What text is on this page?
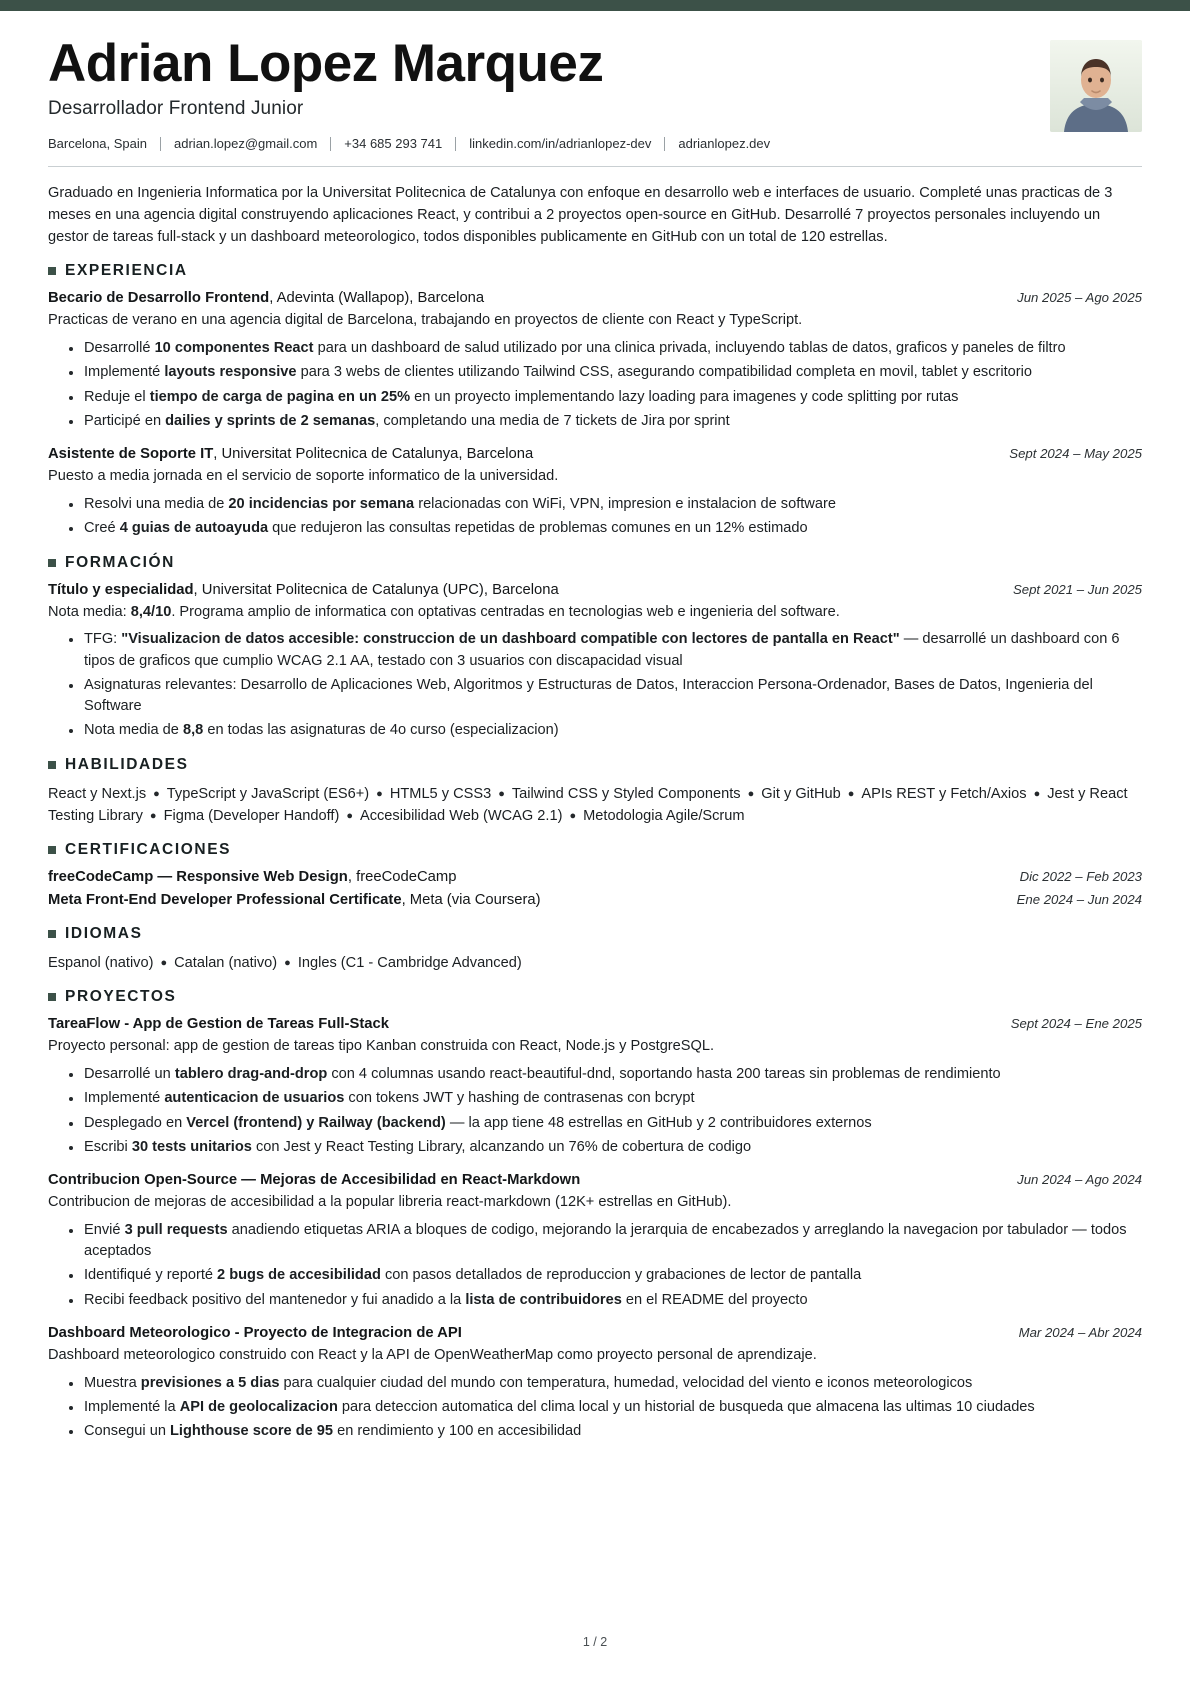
Adrian Lopez Marquez
Desarrollador Frontend Junior
Barcelona, Spain adrian.lopez@gmail.com +34 685 293 741 linkedin.com/in/adrianlopez-dev adrianlopez.dev

Graduado en Ingenieria Informatica por la Universitat Politecnica de Catalunya con enfoque en desarrollo web e interfaces de usuario. Completé unas practicas de 3 meses en una agencia digital construyendo aplicaciones React, y contribui a 2 proyectos open-source en GitHub. Desarrollé 7 proyectos personales incluyendo un gestor de tareas full-stack y un dashboard meteorologico, todos disponibles publicamente en GitHub con un total de 120 estrellas.

EXPERIENCIA
Becario de Desarrollo Frontend, Adevinta (Wallapop), Barcelona	Jun 2025 – Ago 2025
Practicas de verano en una agencia digital de Barcelona, trabajando en proyectos de cliente con React y TypeScript.
Desarrollé 10 componentes React para un dashboard de salud utilizado por una clinica privada, incluyendo tablas de datos, graficos y paneles de filtro
Implementé layouts responsive para 3 webs de clientes utilizando Tailwind CSS, asegurando compatibilidad completa en movil, tablet y escritorio
Reduje el tiempo de carga de pagina en un 25% en un proyecto implementando lazy loading para imagenes y code splitting por rutas
Participé en dailies y sprints de 2 semanas, completando una media de 7 tickets de Jira por sprint
Asistente de Soporte IT, Universitat Politecnica de Catalunya, Barcelona	Sept 2024 – May 2025
Puesto a media jornada en el servicio de soporte informatico de la universidad.
Resolvi una media de 20 incidencias por semana relacionadas con WiFi, VPN, impresion e instalacion de software
Creé 4 guias de autoayuda que redujeron las consultas repetidas de problemas comunes en un 12% estimado
FORMACIÓN
Título y especialidad, Universitat Politecnica de Catalunya (UPC), Barcelona	Sept 2021 – Jun 2025
Nota media: 8,4/10. Programa amplio de informatica con optativas centradas en tecnologias web e ingenieria del software.
TFG: "Visualizacion de datos accesible: construccion de un dashboard compatible con lectores de pantalla en React" — desarrollé un dashboard con 6 tipos de graficos que cumplio WCAG 2.1 AA, testado con 3 usuarios con discapacidad visual
Asignaturas relevantes: Desarrollo de Aplicaciones Web, Algoritmos y Estructuras de Datos, Interaccion Persona-Ordenador, Bases de Datos, Ingenieria del Software
Nota media de 8,8 en todas las asignaturas de 4o curso (especializacion)
HABILIDADES
React y Next.js ● TypeScript y JavaScript (ES6+) ● HTML5 y CSS3 ● Tailwind CSS y Styled Components ● Git y GitHub ● APIs REST y Fetch/Axios ● Jest y React Testing Library ● Figma (Developer Handoff) ● Accesibilidad Web (WCAG 2.1) ● Metodologia Agile/Scrum
CERTIFICACIONES
freeCodeCamp — Responsive Web Design, freeCodeCamp	Dic 2022 – Feb 2023
Meta Front-End Developer Professional Certificate, Meta (via Coursera)	Ene 2024 – Jun 2024
IDIOMAS
Espanol (nativo) ● Catalan (nativo) ● Ingles (C1 - Cambridge Advanced)
PROYECTOS
TareaFlow - App de Gestion de Tareas Full-Stack	Sept 2024 – Ene 2025
Proyecto personal: app de gestion de tareas tipo Kanban construida con React, Node.js y PostgreSQL.
Desarrollé un tablero drag-and-drop con 4 columnas usando react-beautiful-dnd, soportando hasta 200 tareas sin problemas de rendimiento
Implementé autenticacion de usuarios con tokens JWT y hashing de contrasenas con bcrypt
Desplegado en Vercel (frontend) y Railway (backend) — la app tiene 48 estrellas en GitHub y 2 contribuidores externos
Escribi 30 tests unitarios con Jest y React Testing Library, alcanzando un 76% de cobertura de codigo
Contribucion Open-Source — Mejoras de Accesibilidad en React-Markdown	Jun 2024 – Ago 2024
Contribucion de mejoras de accesibilidad a la popular libreria react-markdown (12K+ estrellas en GitHub).
Envié 3 pull requests anadiendo etiquetas ARIA a bloques de codigo, mejorando la jerarquia de encabezados y arreglando la navegacion por tabulador — todos aceptados
Identifiqué y reporté 2 bugs de accesibilidad con pasos detallados de reproduccion y grabaciones de lector de pantalla
Recibi feedback positivo del mantenedor y fui anadido a la lista de contribuidores en el README del proyecto
Dashboard Meteorologico - Proyecto de Integracion de API	Mar 2024 – Abr 2024
Dashboard meteorologico construido con React y la API de OpenWeatherMap como proyecto personal de aprendizaje.
Muestra previsiones a 5 dias para cualquier ciudad del mundo con temperatura, humedad, velocidad del viento e iconos meteorologicos
Implementé la API de geolocalizacion para deteccion automatica del clima local y un historial de busqueda que almacena las ultimas 10 ciudades
Consegui un Lighthouse score de 95 en rendimiento y 100 en accesibilidad
1 / 2
